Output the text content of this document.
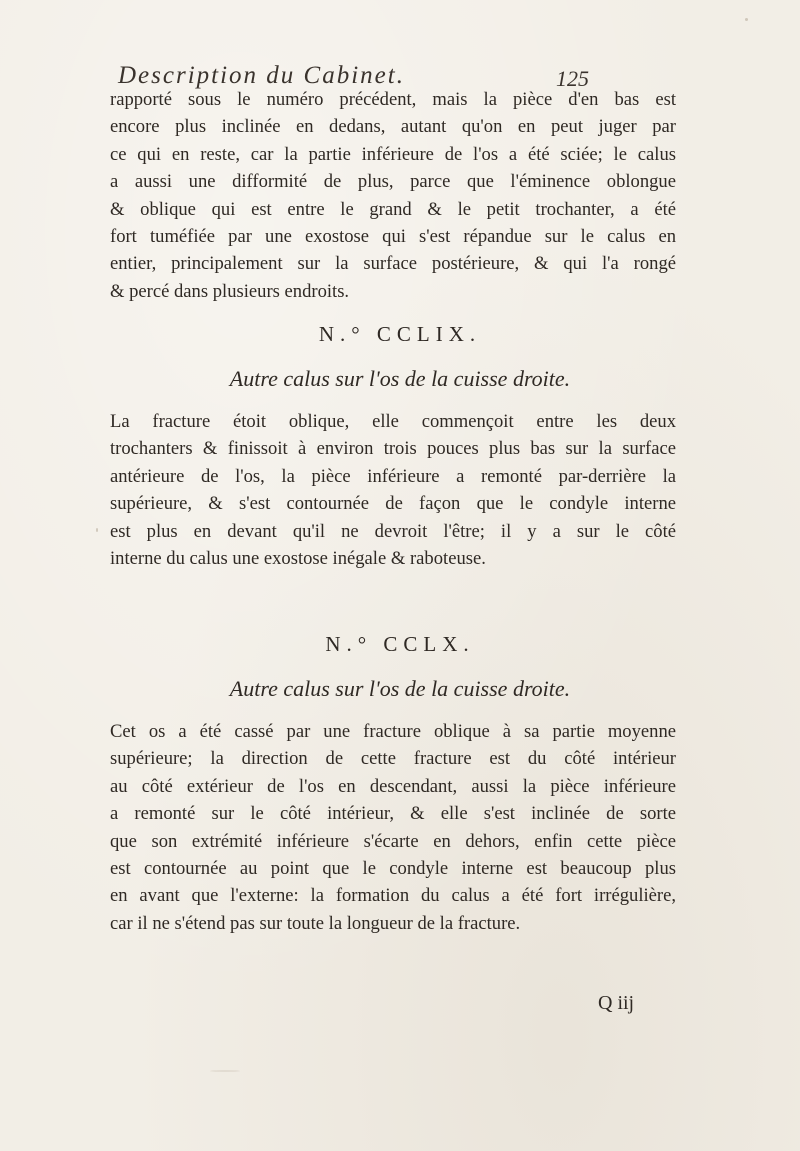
Description du Cabinet.	125
rapporté sous le numéro précédent, mais la pièce d'en bas est
encore plus inclinée en dedans, autant qu'on en peut juger par
ce qui en reste, car la partie inférieure de l'os a été sciée; le calus
a aussi une difformité de plus, parce que l'éminence oblongue
& oblique qui est entre le grand & le petit trochanter, a été
fort tuméfiée par une exostose qui s'est répandue sur le calus en
entier, principalement sur la surface postérieure, & qui l'a rongé
& percé dans plusieurs endroits.
N.° CCLIX.
Autre calus sur l'os de la cuisse droite.
La fracture étoit oblique, elle commençoit entre les deux
trochanters & finissoit à environ trois pouces plus bas sur la surface
antérieure de l'os, la pièce inférieure a remonté par-derrière la
supérieure, & s'est contournée de façon que le condyle interne
est plus en devant qu'il ne devroit l'être; il y a sur le côté
interne du calus une exostose inégale & raboteuse.
N.° CCLX.
Autre calus sur l'os de la cuisse droite.
Cet os a été cassé par une fracture oblique à sa partie moyenne
supérieure; la direction de cette fracture est du côté intérieur
au côté extérieur de l'os en descendant, aussi la pièce inférieure
a remonté sur le côté intérieur, & elle s'est inclinée de sorte
que son extrémité inférieure s'écarte en dehors, enfin cette pièce
est contournée au point que le condyle interne est beaucoup plus
en avant que l'externe: la formation du calus a été fort irrégulière,
car il ne s'étend pas sur toute la longueur de la fracture.
Q iij
